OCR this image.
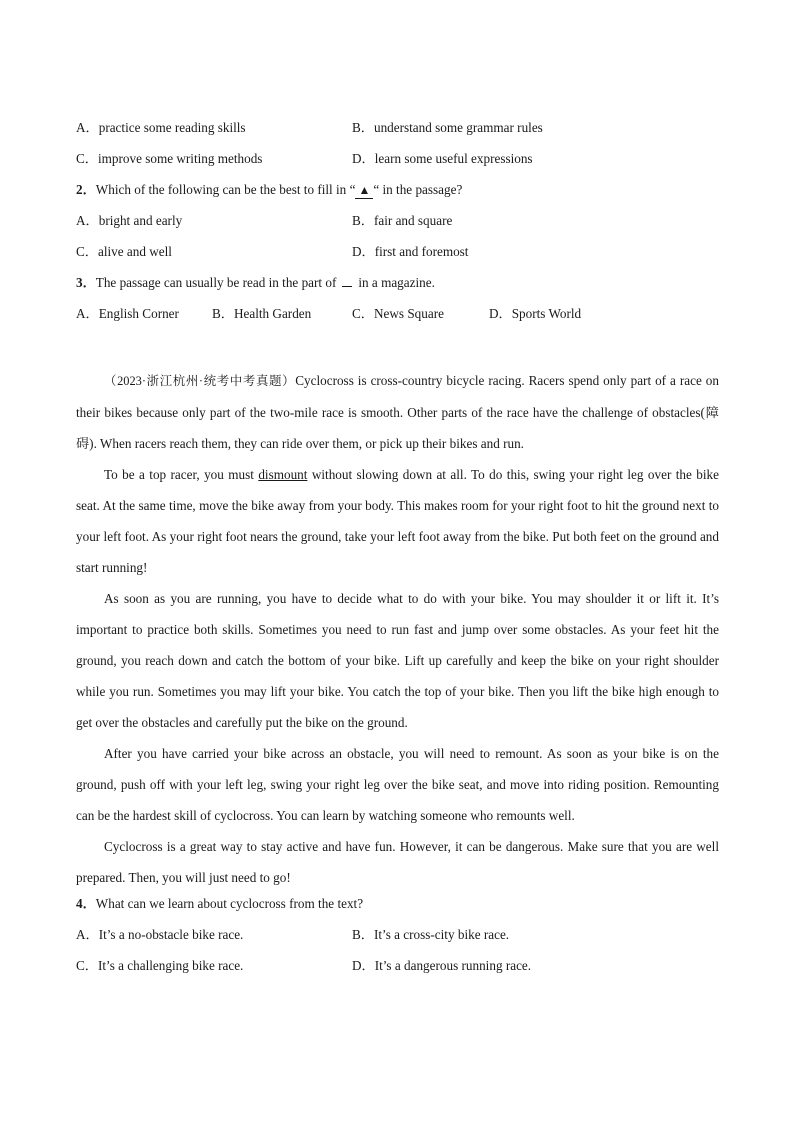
A．practice some reading skills	B．understand some grammar rules
C．improve some writing methods	D．learn some useful expressions
2．Which of the following can be the best to fill in “ ▲ “ in the passage?
A．bright and early	B．fair and square
C．alive and well	D．first and foremost
3．The passage can usually be read in the part of in a magazine.
A．English Corner	B．Health Garden	C．News Square	D．Sports World

（2023·浙江杭州·统考中考真题）Cyclocross is cross-country bicycle racing. Racers spend only part of a race on their bikes because only part of the two-mile race is smooth. Other parts of the race have the challenge of obstacles(障碍). When racers reach them, they can ride over them, or pick up their bikes and run.

To be a top racer, you must dismount without slowing down at all. To do this, swing your right leg over the bike seat. At the same time, move the bike away from your body. This makes room for your right foot to hit the ground next to your left foot. As your right foot nears the ground, take your left foot away from the bike. Put both feet on the ground and start running!

As soon as you are running, you have to decide what to do with your bike. You may shoulder it or lift it. It’s important to practice both skills. Sometimes you need to run fast and jump over some obstacles. As your feet hit the ground, you reach down and catch the bottom of your bike. Lift up carefully and keep the bike on your right shoulder while you run. Sometimes you may lift your bike. You catch the top of your bike. Then you lift the bike high enough to get over the obstacles and carefully put the bike on the ground.

After you have carried your bike across an obstacle, you will need to remount. As soon as your bike is on the ground, push off with your left leg, swing your right leg over the bike seat, and move into riding position. Remounting can be the hardest skill of cyclocross. You can learn by watching someone who remounts well.

Cyclocross is a great way to stay active and have fun. However, it can be dangerous. Make sure that you are well prepared. Then, you will just need to go!

4．What can we learn about cyclocross from the text?
A．It’s a no-obstacle bike race.	B．It’s a cross-city bike race.
C．It’s a challenging bike race.	D．It’s a dangerous running race.
